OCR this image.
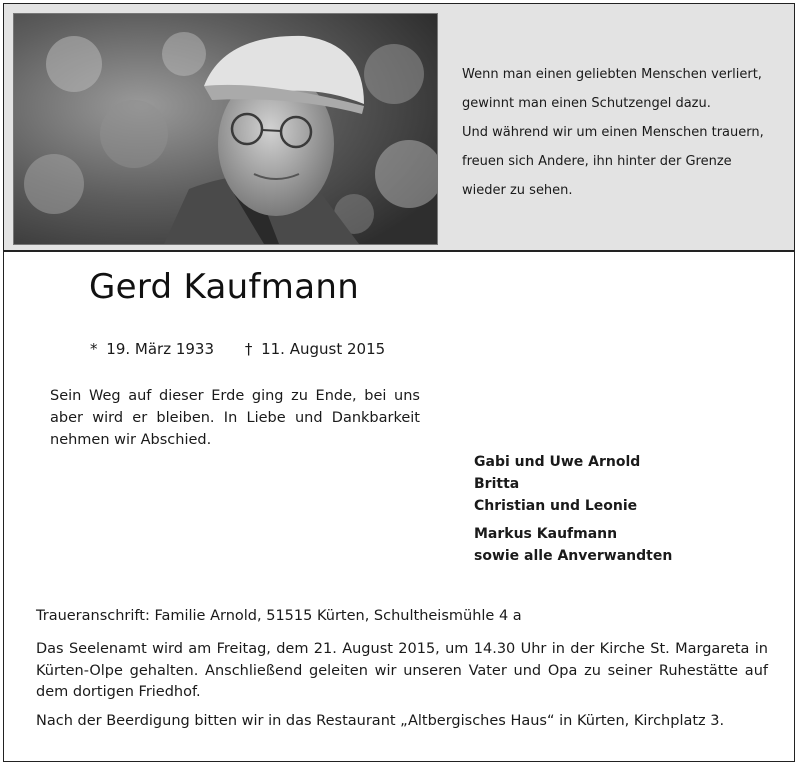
Wenn man einen geliebten Menschen verliert,
gewinnt man einen Schutzengel dazu.
Und während wir um einen Menschen trauern,
freuen sich Andere, ihn hinter der Grenze
wieder zu sehen.
Gerd Kaufmann
* 19. März 1933 † 11. August 2015
Sein Weg auf dieser Erde ging zu Ende, bei uns aber wird er bleiben. In Liebe und Dankbarkeit nehmen wir Abschied.
Gabi und Uwe Arnold
Britta
Christian und Leonie
Markus Kaufmann
sowie alle Anverwandten
Traueranschrift: Familie Arnold, 51515 Kürten, Schultheismühle 4 a
Das Seelenamt wird am Freitag, dem 21. August 2015, um 14.30 Uhr in der Kirche St. Margareta in Kürten-Olpe gehalten. Anschließend geleiten wir unseren Vater und Opa zu seiner Ruhestätte auf dem dortigen Friedhof.
Nach der Beerdigung bitten wir in das Restaurant „Altbergisches Haus“ in Kürten, Kirchplatz 3.
